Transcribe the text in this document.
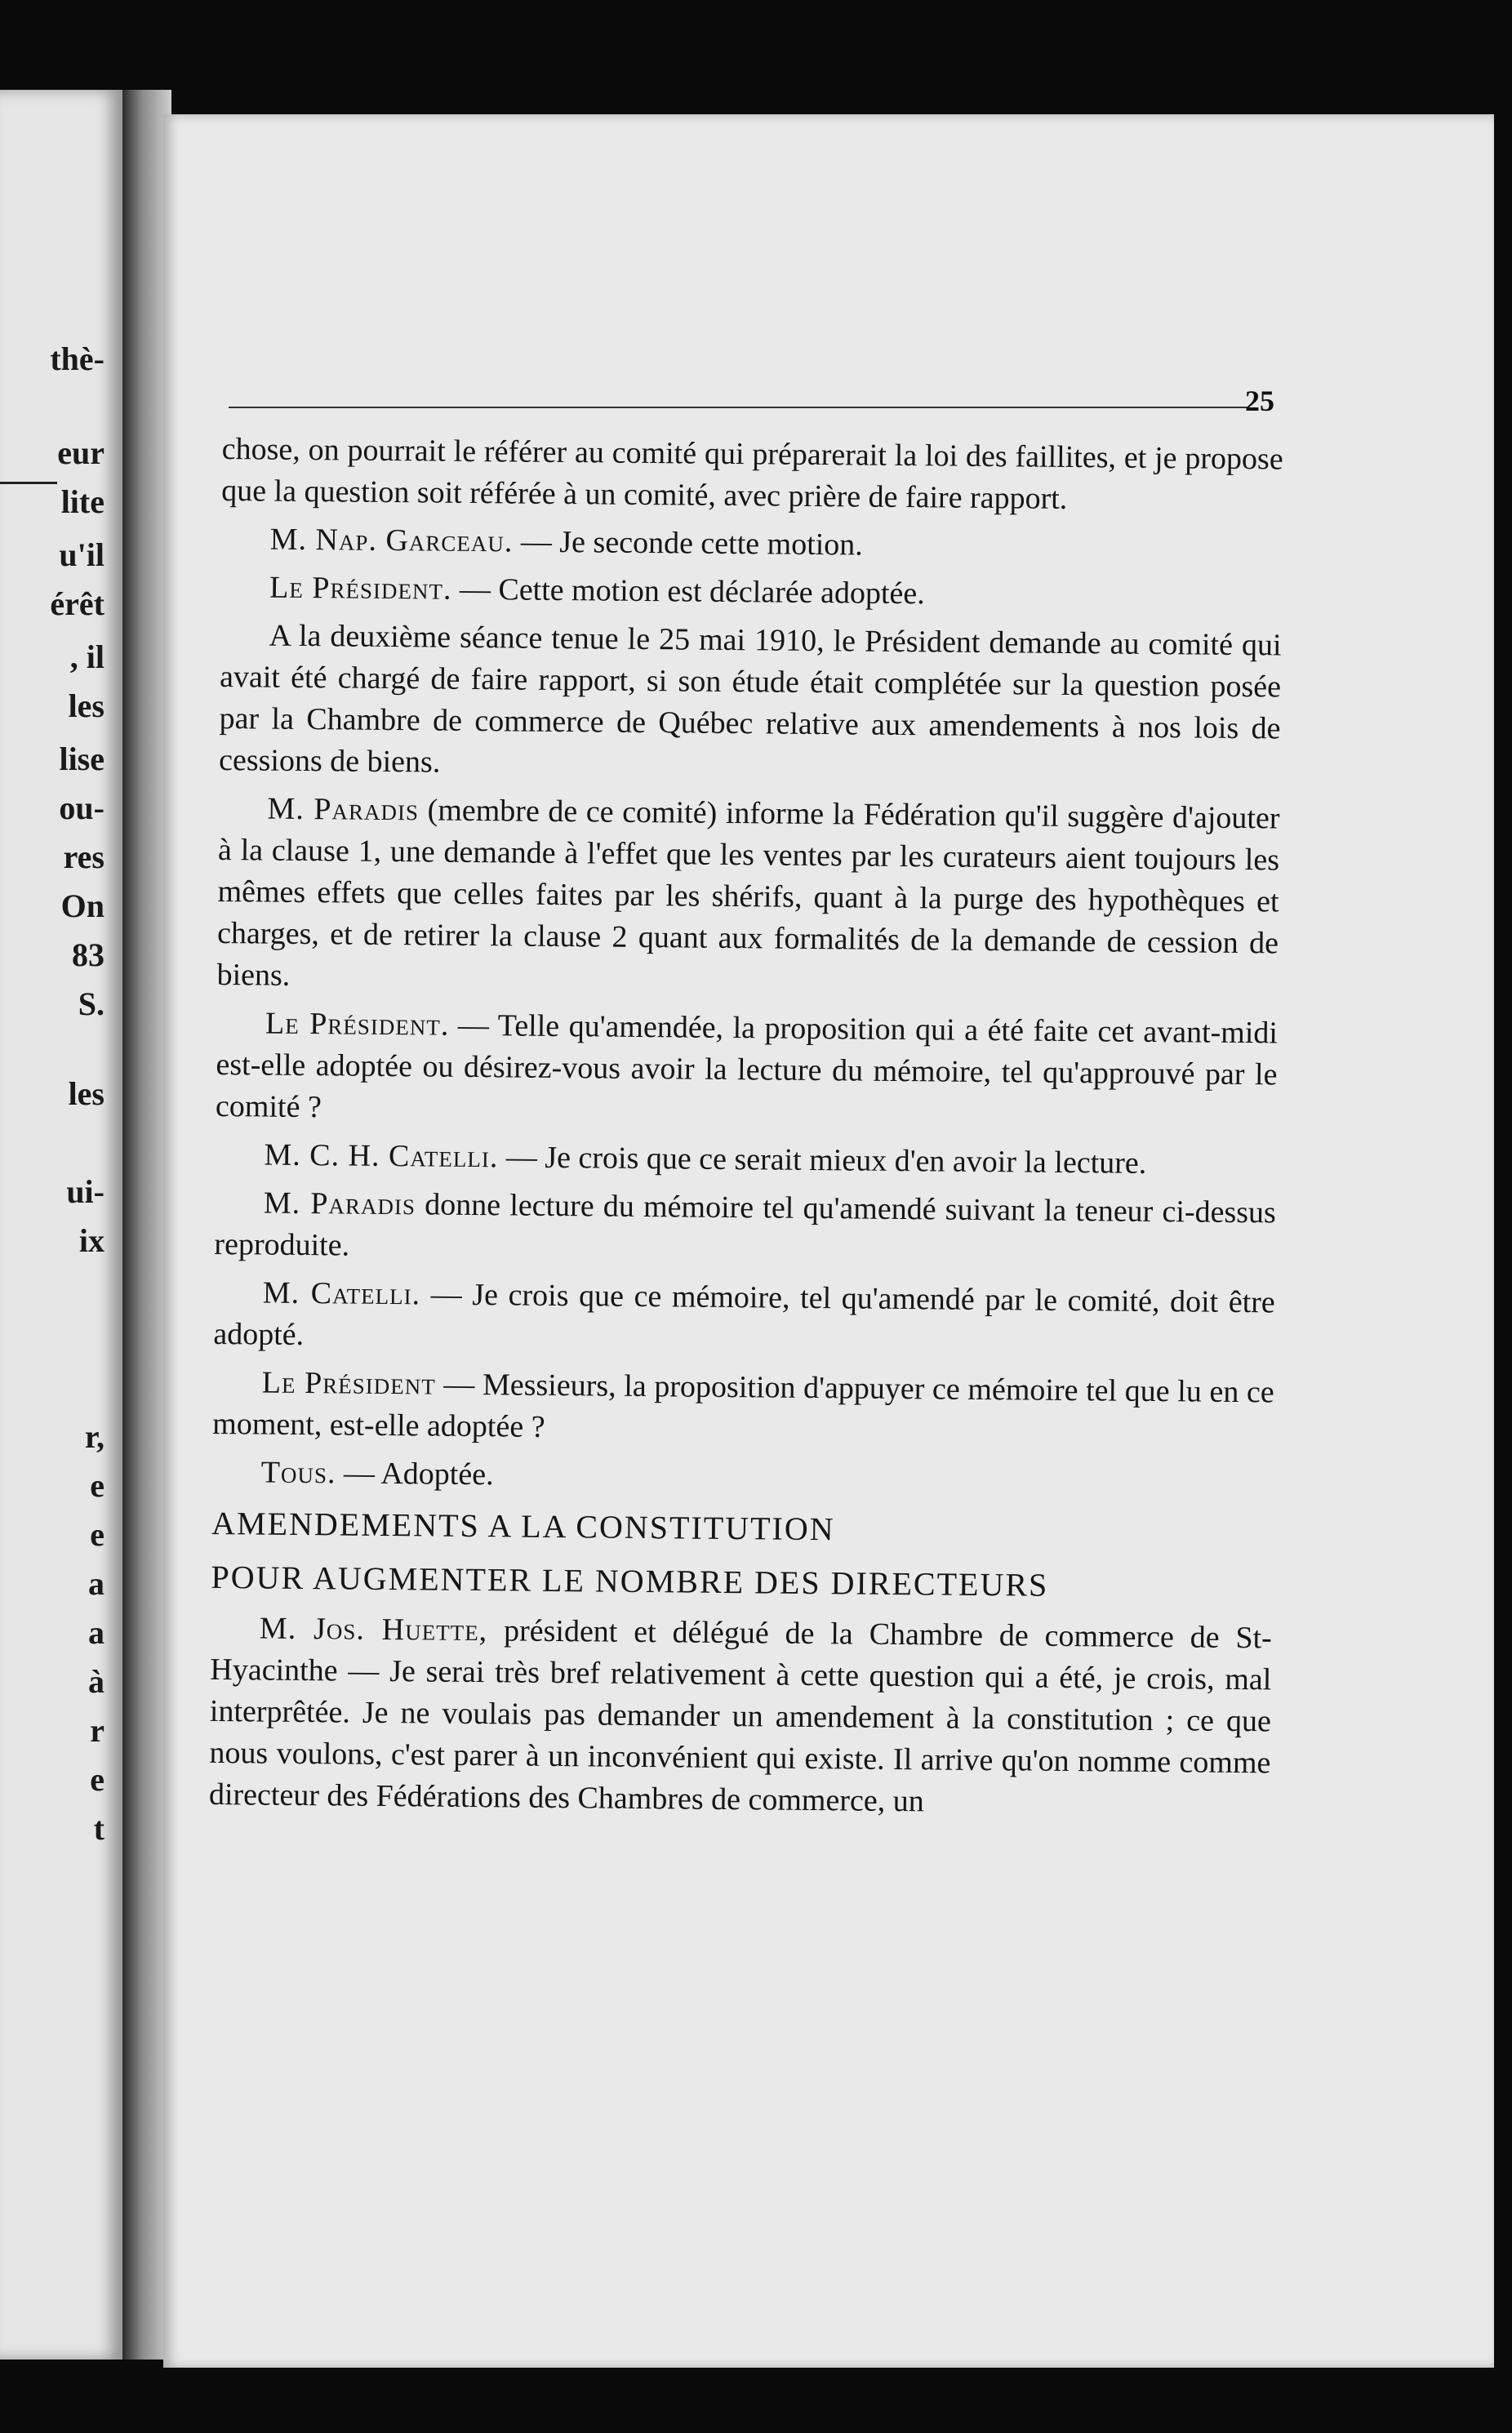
thè-
eur
lite
u'il
érêt
, il
les
lise
ou-
res
On
83
S.
les
ui-
ix
r,
e
e
a
a
à
r
e
t
25

chose, on pourrait le référer au comité qui préparerait la loi des faillites, et je propose que la question soit référée à un comité, avec prière de faire rapport.

M. Nap. Garceau. — Je seconde cette motion.

Le Président. — Cette motion est déclarée adoptée.

A la deuxième séance tenue le 25 mai 1910, le Président demande au comité qui avait été chargé de faire rapport, si son étude était complétée sur la question posée par la Chambre de commerce de Québec relative aux amendements à nos lois de cessions de biens.

M. Paradis (membre de ce comité) informe la Fédération qu'il suggère d'ajouter à la clause 1, une demande à l'effet que les ventes par les curateurs aient toujours les mêmes effets que celles faites par les shérifs, quant à la purge des hypothèques et charges, et de retirer la clause 2 quant aux formalités de la demande de cession de biens.

Le Président. — Telle qu'amendée, la proposition qui a été faite cet avant-midi est-elle adoptée ou désirez-vous avoir la lecture du mémoire, tel qu'approuvé par le comité ?

M. C. H. Catelli. — Je crois que ce serait mieux d'en avoir la lecture.

M. Paradis donne lecture du mémoire tel qu'amendé suivant la teneur ci-dessus reproduite.

M. Catelli. — Je crois que ce mémoire, tel qu'amendé par le comité, doit être adopté.

Le Président — Messieurs, la proposition d'appuyer ce mémoire tel que lu en ce moment, est-elle adoptée ?

Tous. — Adoptée.

AMENDEMENTS A LA CONSTITUTION

POUR AUGMENTER LE NOMBRE DES DIRECTEURS

M. Jos. Huette, président et délégué de la Chambre de commerce de St-Hyacinthe — Je serai très bref relativement à cette question qui a été, je crois, mal interprêtée. Je ne voulais pas demander un amendement à la constitution ; ce que nous voulons, c'est parer à un inconvénient qui existe. Il arrive qu'on nomme comme directeur des Fédérations des Chambres de commerce, un
